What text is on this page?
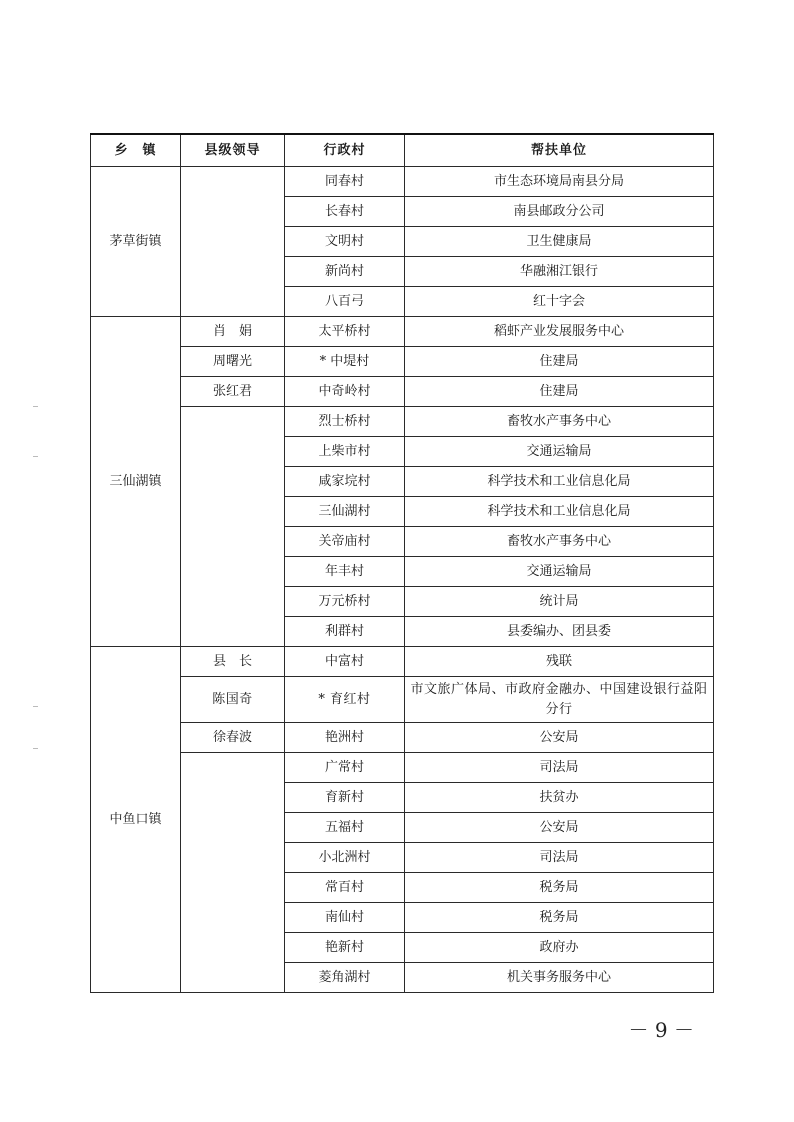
乡　镇	县级领导	行政村	帮扶单位
茅草街镇		同春村	市生态环境局南县分局
		长春村	南县邮政分公司
		文明村	卫生健康局
		新尚村	华融湘江银行
		八百弓	红十字会
三仙湖镇	肖　娟	太平桥村	稻虾产业发展服务中心
	周曙光	* 中堤村	住建局
	张红君	中奇岭村	住建局
		烈士桥村	畜牧水产事务中心
		上柴市村	交通运输局
		咸家垸村	科学技术和工业信息化局
		三仙湖村	科学技术和工业信息化局
		关帝庙村	畜牧水产事务中心
		年丰村	交通运输局
		万元桥村	统计局
		利群村	县委编办、团县委
中鱼口镇	县　长	中富村	残联
	陈国奇	* 育红村	市文旅广体局、市政府金融办、中国建设银行益阳分行
	徐春波	艳洲村	公安局
		广常村	司法局
		育新村	扶贫办
		五福村	公安局
		小北洲村	司法局
		常百村	税务局
		南仙村	税务局
		艳新村	政府办
		菱角湖村	机关事务服务中心
－ 9 －
